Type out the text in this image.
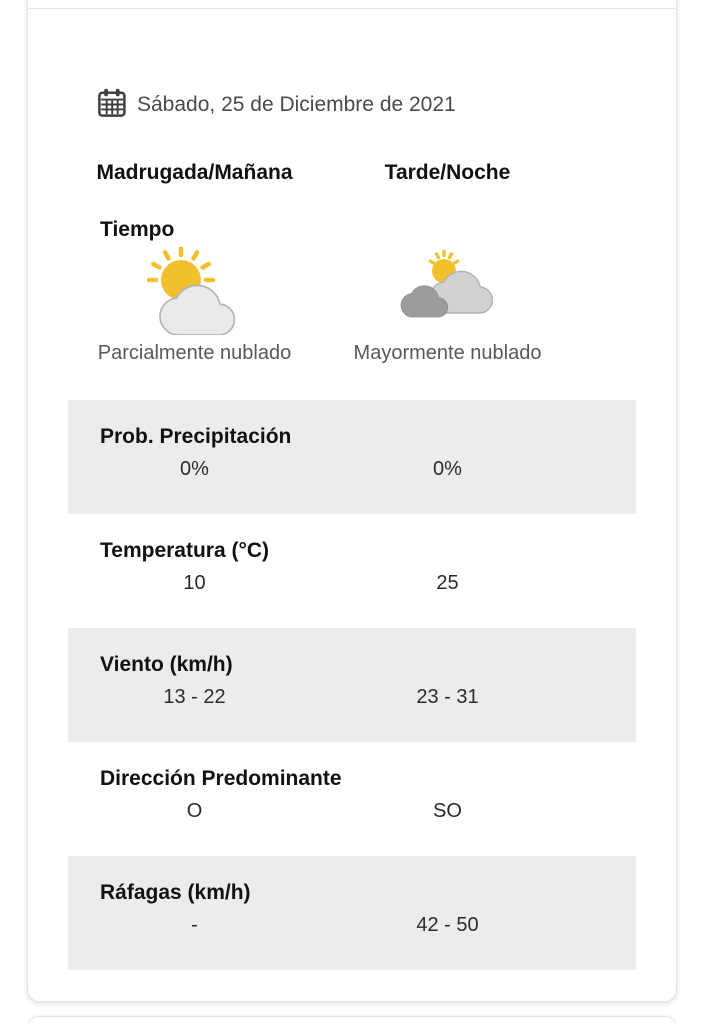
Sábado, 25 de Diciembre de 2021
Madrugada/Mañana	Tarde/Noche
Tiempo
Parcialmente nublado	Mayormente nublado
Prob. Precipitación
0%	0%
Temperatura (°C)
10	25
Viento (km/h)
13 - 22	23 - 31
Dirección Predominante
O	SO
Ráfagas (km/h)
-	42 - 50
